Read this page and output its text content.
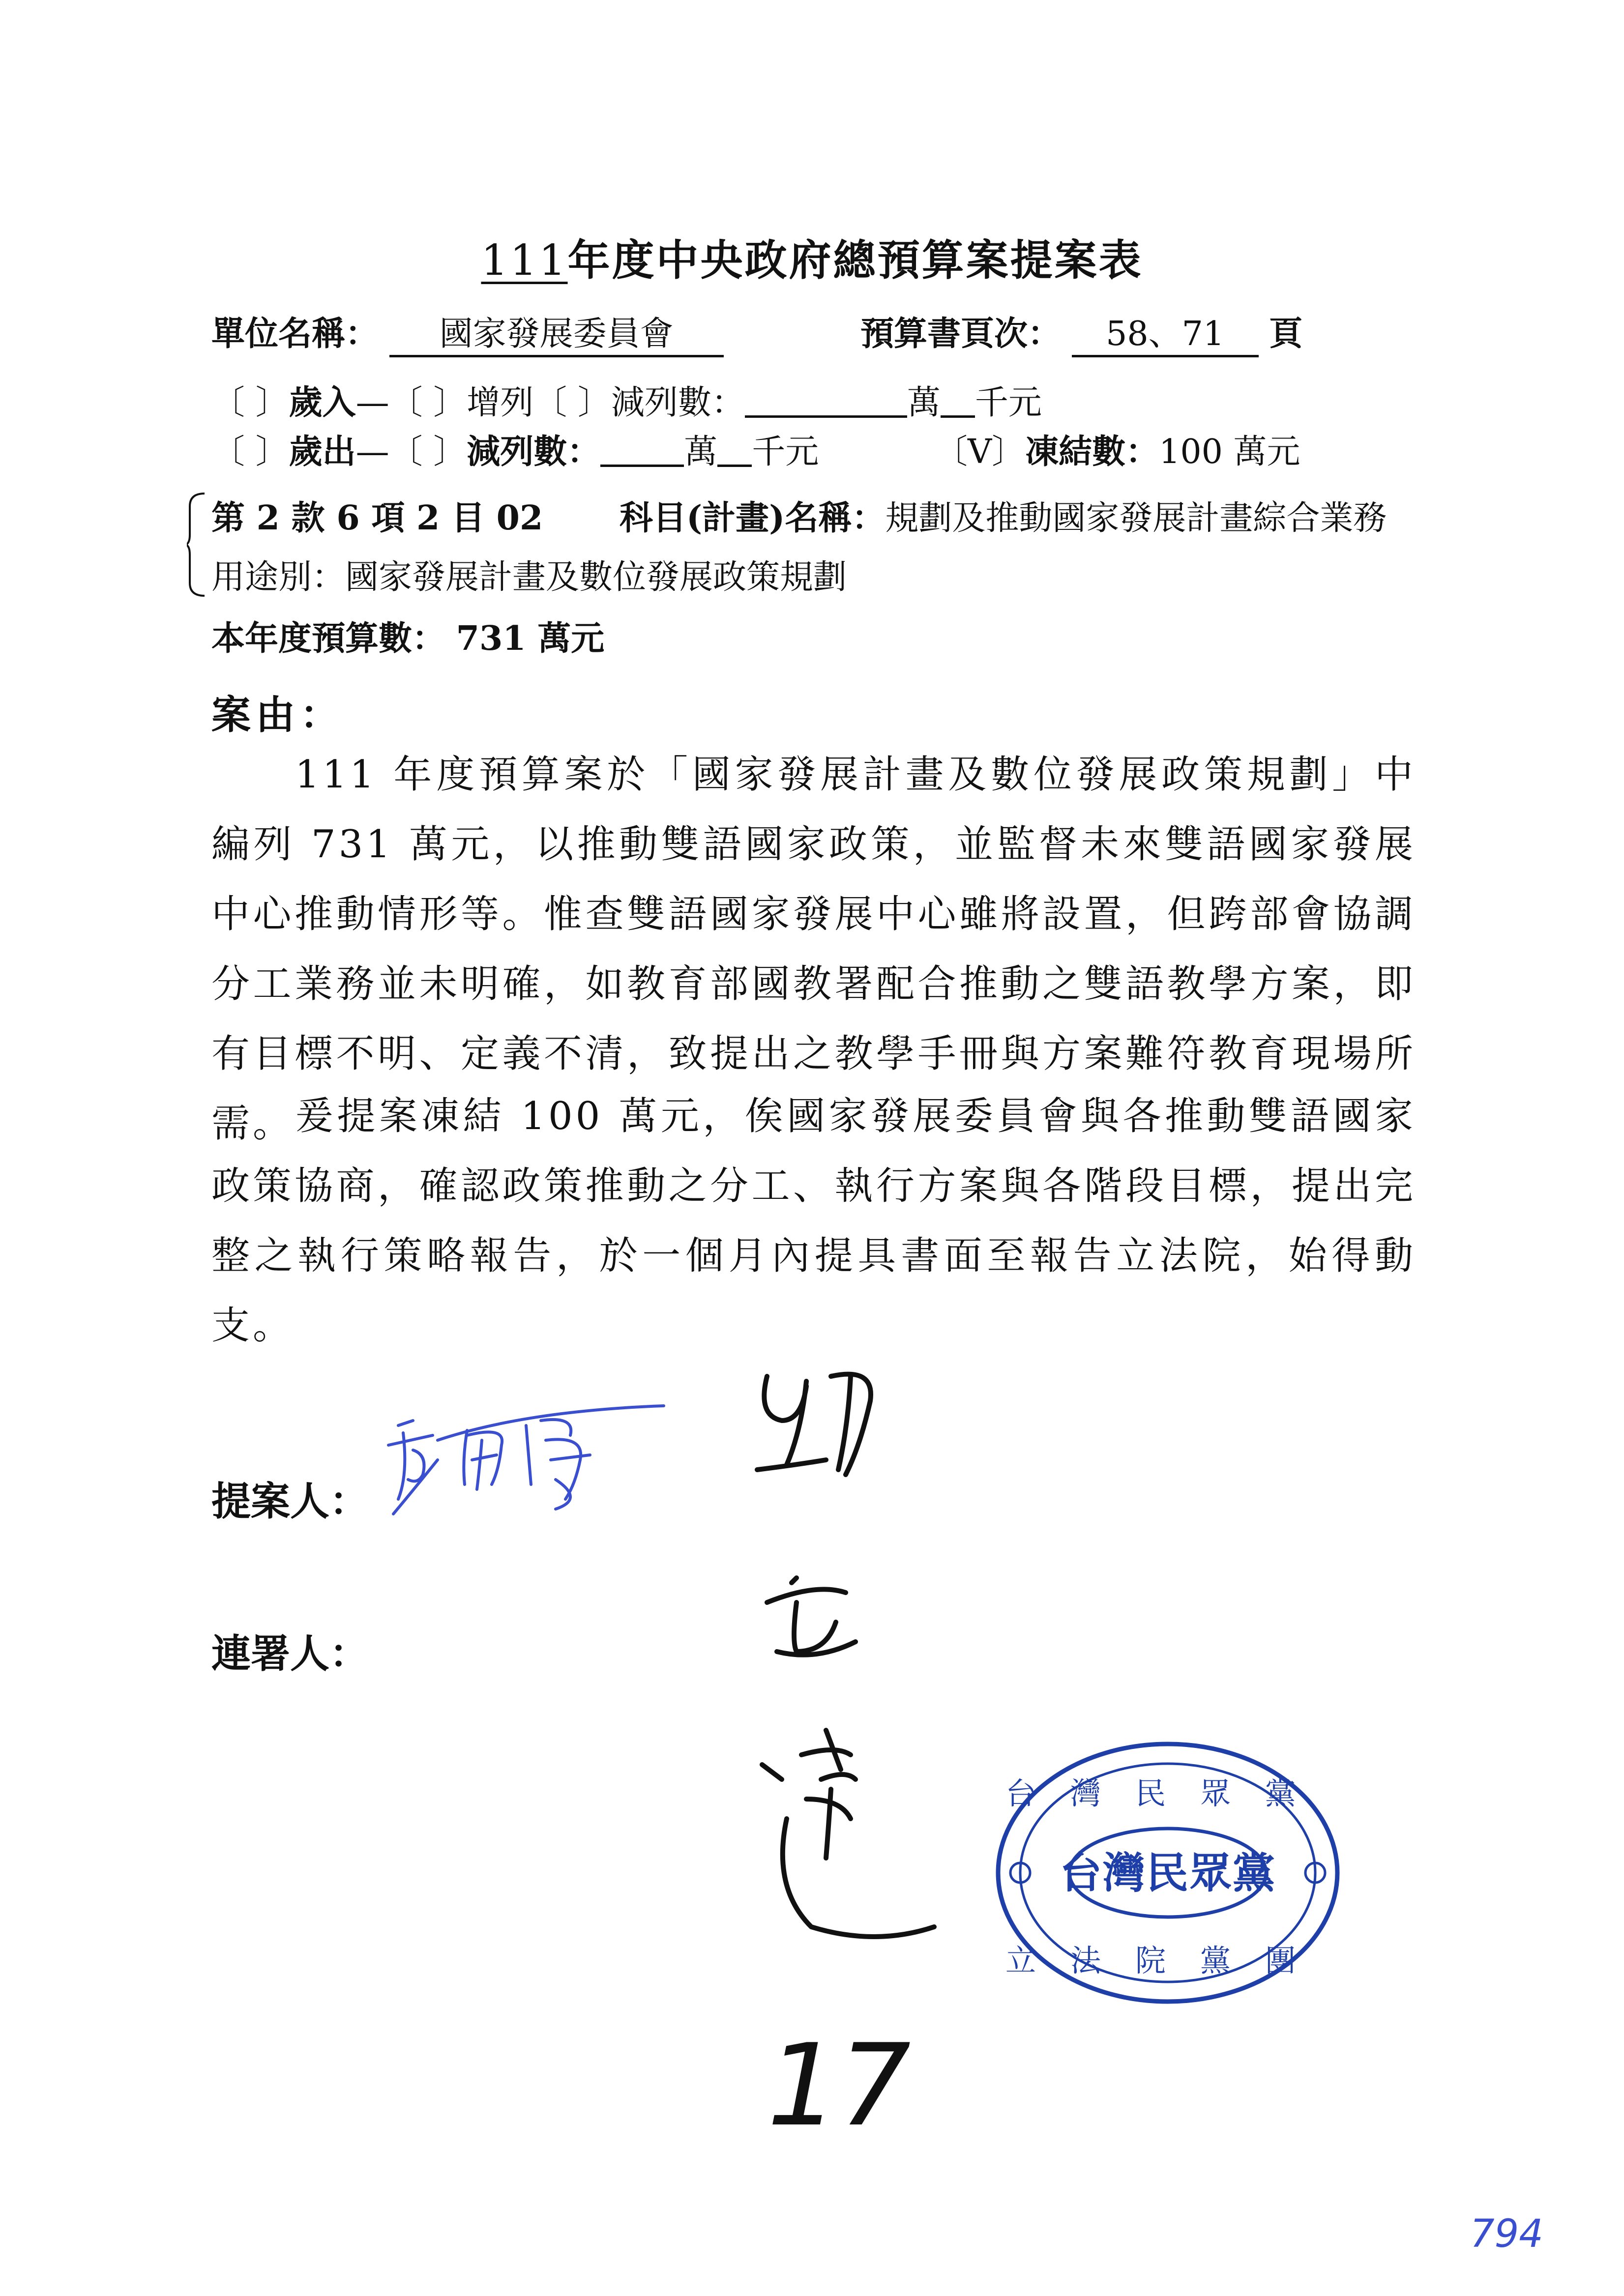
111年度中央政府總預算案提案表
單位名稱： 國家發展委員會	預算書頁次： 58、71 頁
〔 〕歲入—〔 〕增列〔 〕減列數：	萬 千元
〔 〕歲出—〔 〕減列數：	萬 千元	〔V〕凍結數：100 萬元
第 2 款 6 項 2 目 02 科目(計畫)名稱：規劃及推動國家發展計畫綜合業務
用途別：國家發展計畫及數位發展政策規劃
本年度預算數： 731 萬元
案由：
111 年度預算案於「國家發展計畫及數位發展政策規劃」中編列 731 萬元，以推動雙語國家政策，並監督未來雙語國家發展中心推動情形等。惟查雙語國家發展中心雖將設置，但跨部會協調分工業務並未明確，如教育部國教署配合推動之雙語教學方案，即有目標不明、定義不清，致提出之教學手冊與方案難符教育現場所需。 爰提案凍結 100 萬元，俟國家發展委員會與各推動雙語國家政策協商，確認政策推動之分工、執行方案與各階段目標，提出完整之執行策略報告，於一個月內提具書面至報告立法院，始得動支。
提案人：
連署人：
台灣民眾黨
台灣民眾黨
立法院黨團
17
794
